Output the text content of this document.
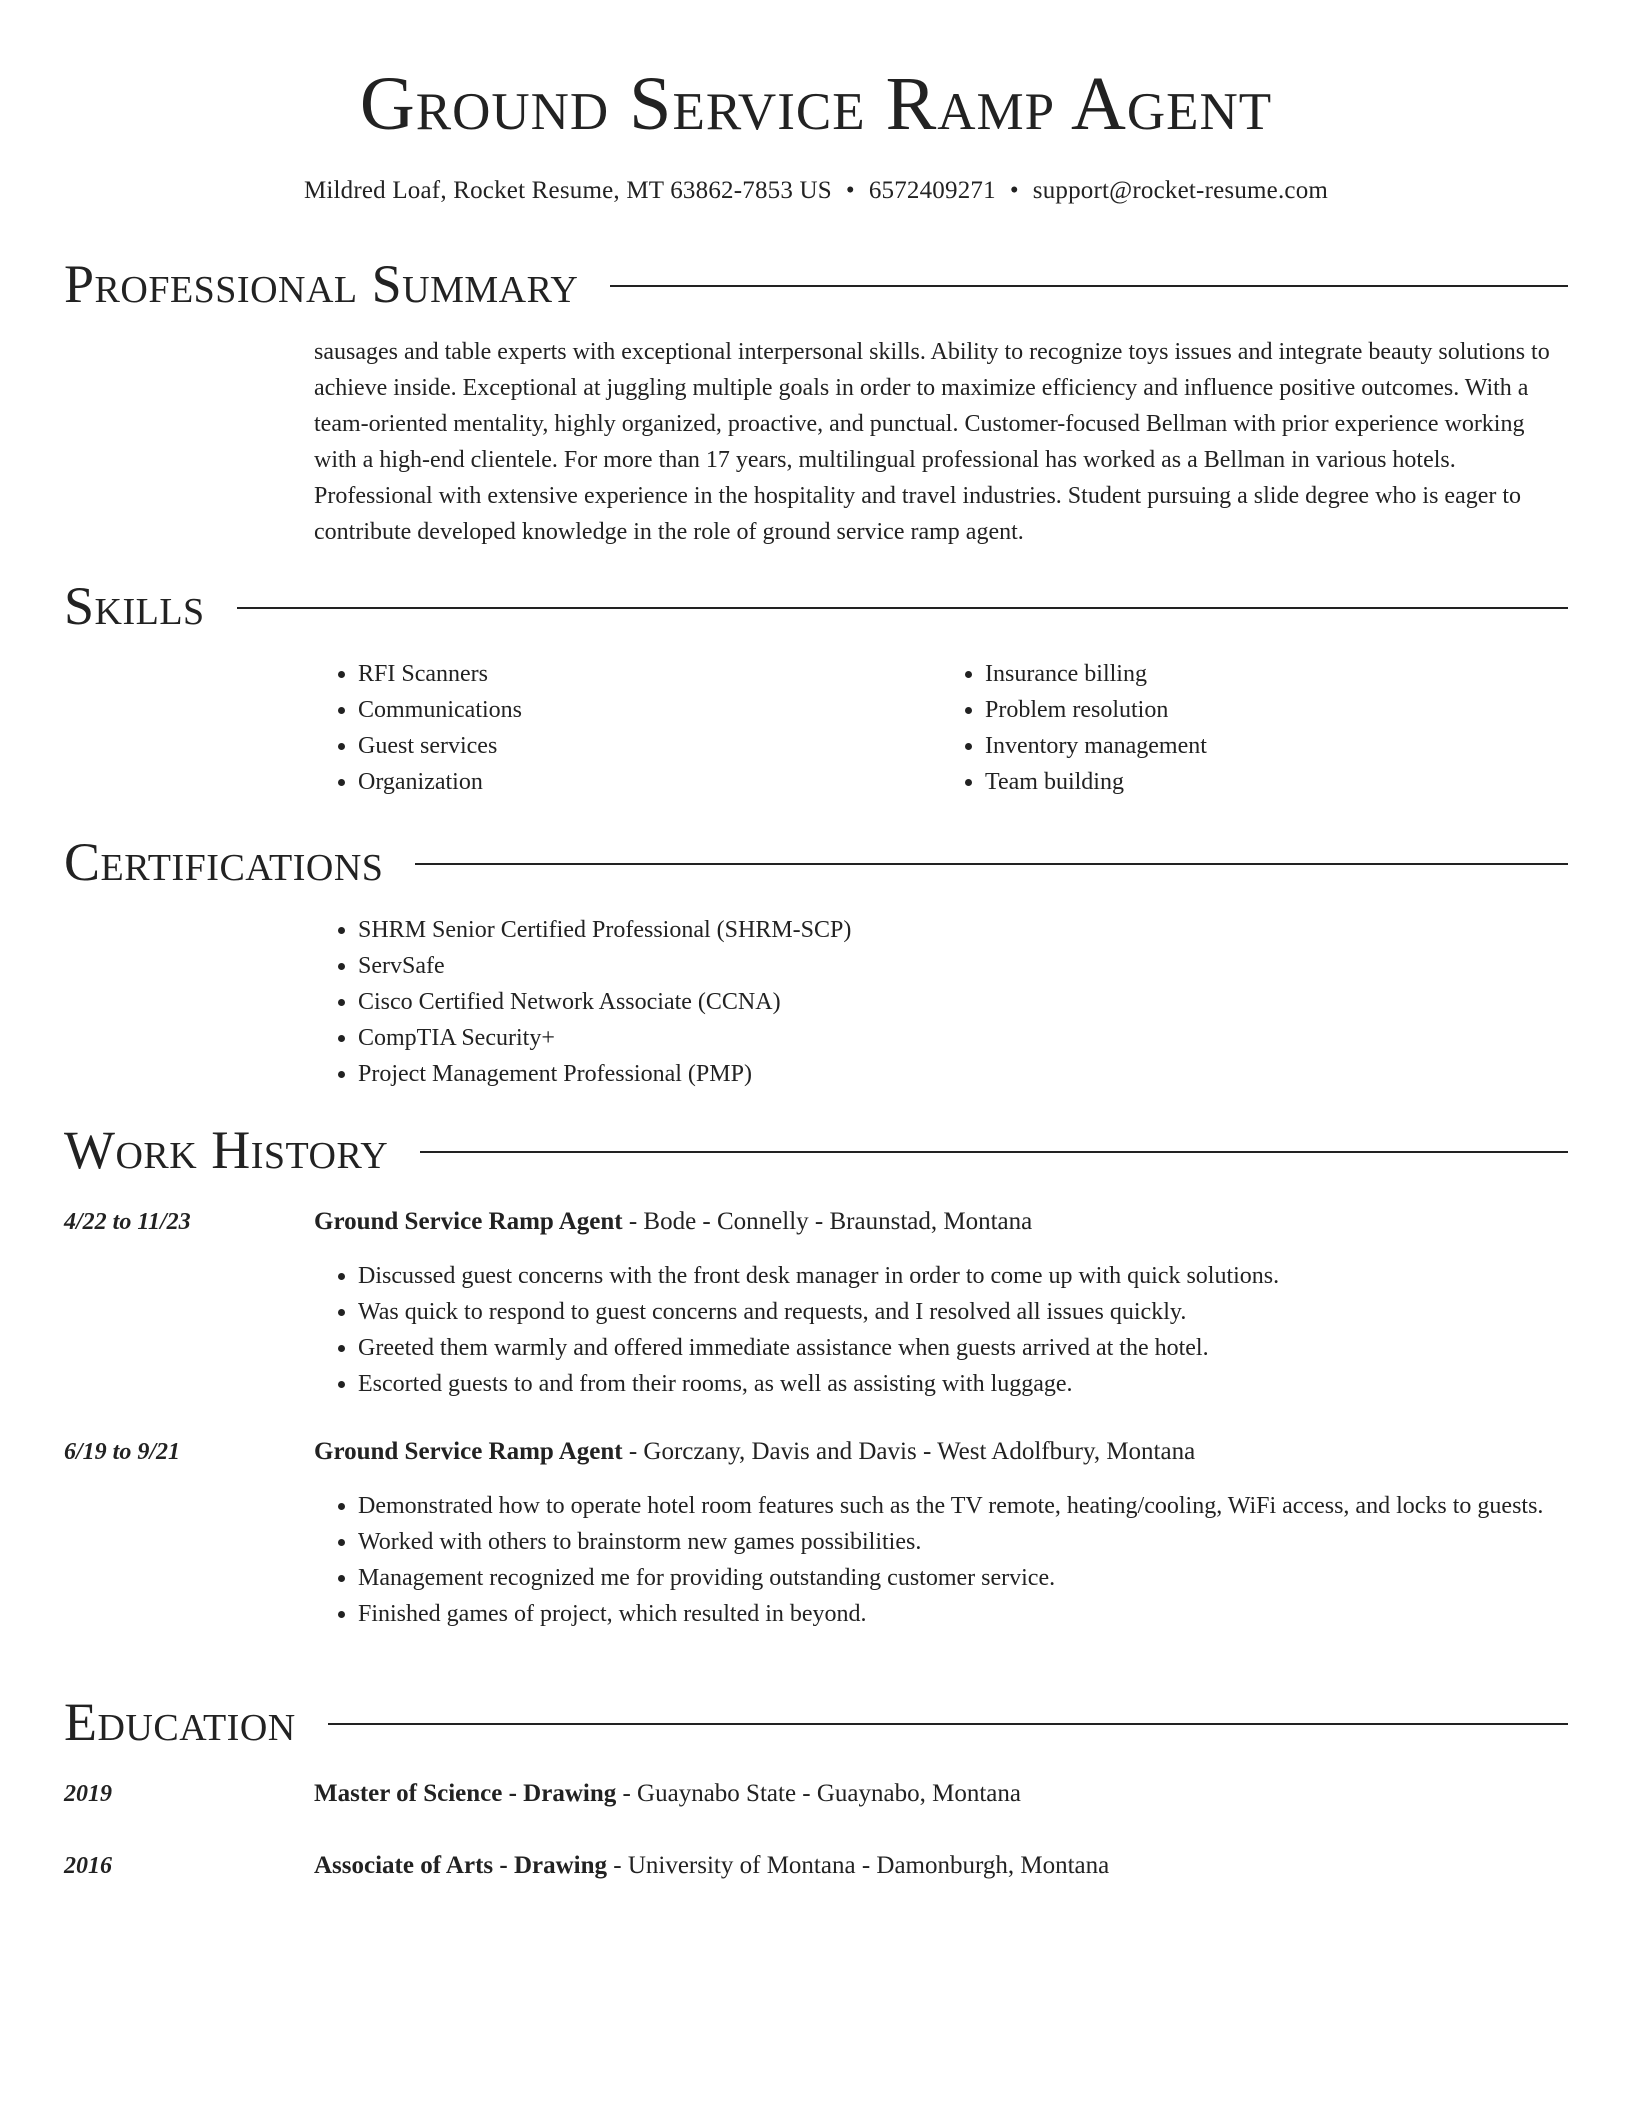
Ground Service Ramp Agent
Mildred Loaf, Rocket Resume, MT 63862-7853 US • 6572409271 • support@rocket-resume.com
Professional Summary

sausages and table experts with exceptional interpersonal skills. Ability to recognize toys issues and integrate beauty solutions to achieve inside. Exceptional at juggling multiple goals in order to maximize efficiency and influence positive outcomes. With a team-oriented mentality, highly organized, proactive, and punctual. Customer-focused Bellman with prior experience working with a high-end clientele. For more than 17 years, multilingual professional has worked as a Bellman in various hotels. Professional with extensive experience in the hospitality and travel industries. Student pursuing a slide degree who is eager to contribute developed knowledge in the role of ground service ramp agent.

Skills
• RFI Scanners
• Communications
• Guest services
• Organization
• Insurance billing
• Problem resolution
• Inventory management
• Team building
Certifications
• SHRM Senior Certified Professional (SHRM-SCP)
• ServSafe
• Cisco Certified Network Associate (CCNA)
• CompTIA Security+
• Project Management Professional (PMP)
Work History
4/22 to 11/23	Ground Service Ramp Agent - Bode - Connelly - Braunstad, Montana
• Discussed guest concerns with the front desk manager in order to come up with quick solutions.
• Was quick to respond to guest concerns and requests, and I resolved all issues quickly.
• Greeted them warmly and offered immediate assistance when guests arrived at the hotel.
• Escorted guests to and from their rooms, as well as assisting with luggage.
6/19 to 9/21	Ground Service Ramp Agent - Gorczany, Davis and Davis - West Adolfbury, Montana
• Demonstrated how to operate hotel room features such as the TV remote, heating/cooling, WiFi access, and locks to guests.
• Worked with others to brainstorm new games possibilities.
• Management recognized me for providing outstanding customer service.
• Finished games of project, which resulted in beyond.
Education
2019	Master of Science - Drawing - Guaynabo State - Guaynabo, Montana
2016	Associate of Arts - Drawing - University of Montana - Damonburgh, Montana
